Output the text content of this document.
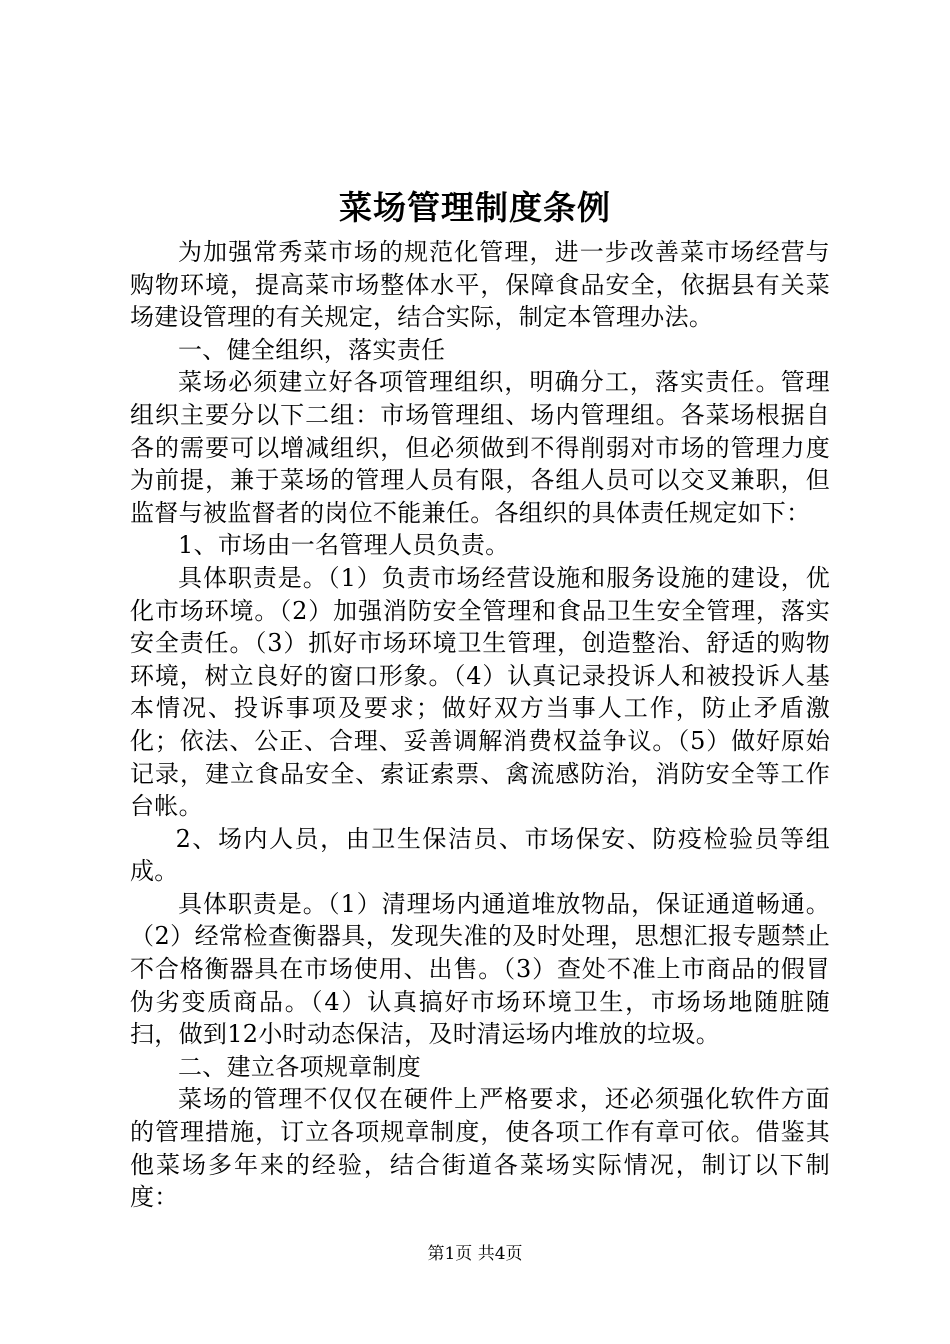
菜场管理制度条例

为加强常秀菜市场的规范化管理，进一步改善菜市场经营与购物环境，提高菜市场整体水平，保障食品安全，依据县有关菜场建设管理的有关规定，结合实际，制定本管理办法。

一、健全组织，落实责任

菜场必须建立好各项管理组织，明确分工，落实责任。管理组织主要分以下二组：市场管理组、场内管理组。各菜场根据自各的需要可以增减组织，但必须做到不得削弱对市场的管理力度为前提，兼于菜场的管理人员有限，各组人员可以交叉兼职，但监督与被监督者的岗位不能兼任。各组织的具体责任规定如下：

1、市场由一名管理人员负责。

具体职责是。（1）负责市场经营设施和服务设施的建设，优化市场环境。（2）加强消防安全管理和食品卫生安全管理，落实安全责任。（3）抓好市场环境卫生管理，创造整治、舒适的购物环境，树立良好的窗口形象。（4）认真记录投诉人和被投诉人基本情况、投诉事项及要求；做好双方当事人工作，防止矛盾激化；依法、公正、合理、妥善调解消费权益争议。（5）做好原始记录，建立食品安全、索证索票、禽流感防治，消防安全等工作台帐。

2、场内人员，由卫生保洁员、市场保安、防疫检验员等组成。

具体职责是。（1）清理场内通道堆放物品，保证通道畅通。（2）经常检查衡器具，发现失准的及时处理，思想汇报专题禁止不合格衡器具在市场使用、出售。（3）查处不准上市商品的假冒伪劣变质商品。（4）认真搞好市场环境卫生，市场场地随脏随扫，做到12小时动态保洁，及时清运场内堆放的垃圾。

二、建立各项规章制度

菜场的管理不仅仅在硬件上严格要求，还必须强化软件方面的管理措施，订立各项规章制度，使各项工作有章可依。借鉴其他菜场多年来的经验，结合街道各菜场实际情况，制订以下制度：

第1页 共4页
